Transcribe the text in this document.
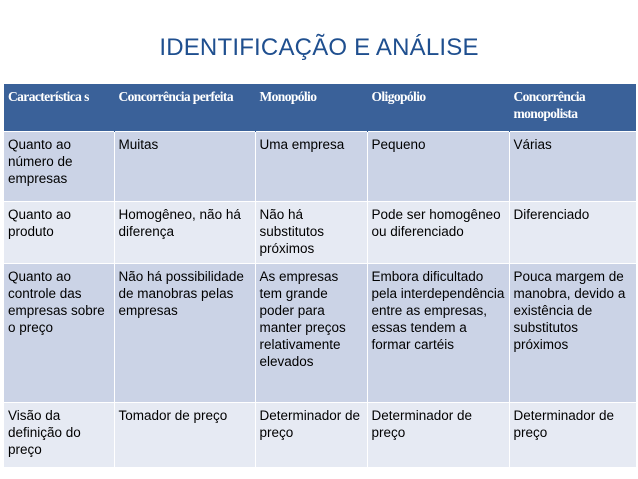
IDENTIFICAÇÃO E ANÁLISE
Característica s	Concorrência perfeita	Monopólio	Oligopólio	Concorrência monopolista
Quanto ao número de empresas	Muitas	Uma empresa	Pequeno	Várias
Quanto ao produto	Homogêneo, não há diferença	Não há substitutos próximos	Pode ser homogêneo ou diferenciado	Diferenciado
Quanto ao controle das empresas sobre o preço	Não há possibilidade de manobras pelas empresas	As empresas tem grande poder para manter preços relativamente elevados	Embora dificultado pela interdependência entre as empresas, essas tendem a formar cartéis	Pouca margem de manobra, devido a existência de substitutos próximos
Visão da definição do preço	Tomador de preço	Determinador de preço	Determinador de preço	Determinador de preço
